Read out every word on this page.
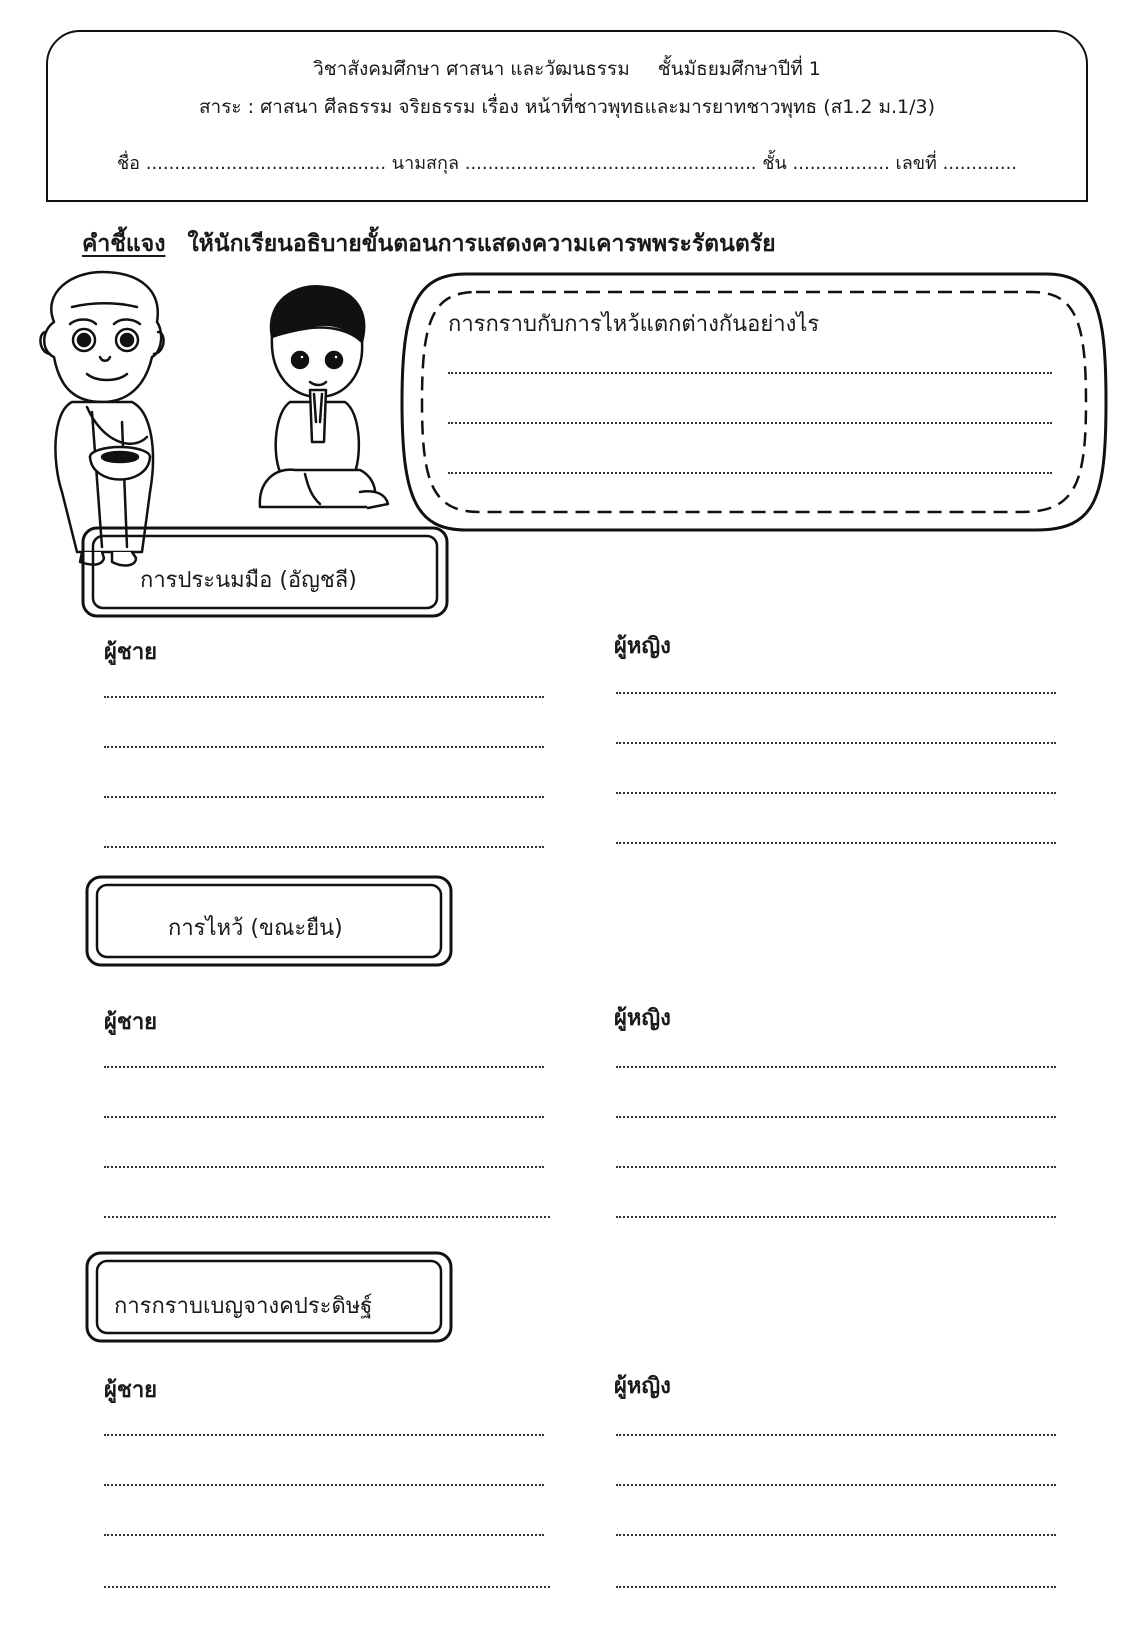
วิชาสังคมศึกษา ศาสนา และวัฒนธรรม ชั้นมัธยมศึกษาปีที่ 1
สาระ : ศาสนา ศีลธรรม จริยธรรม เรื่อง หน้าที่ชาวพุทธและมารยาทชาวพุทธ (ส1.2 ม.1/3)
ชื่อ .......................................... นามสกุล ................................................... ชั้น ................. เลขที่ .............
คำชี้แจง ให้นักเรียนอธิบายขั้นตอนการแสดงความเคารพพระรัตนตรัย
การกราบกับการไหว้แตกต่างกันอย่างไร
การประนมมือ (อัญชลี)
ผู้ชาย	ผู้หญิง
การไหว้ (ขณะยืน)
ผู้ชาย	ผู้หญิง
การกราบเบญจางคประดิษฐ์
ผู้ชาย	ผู้หญิง
